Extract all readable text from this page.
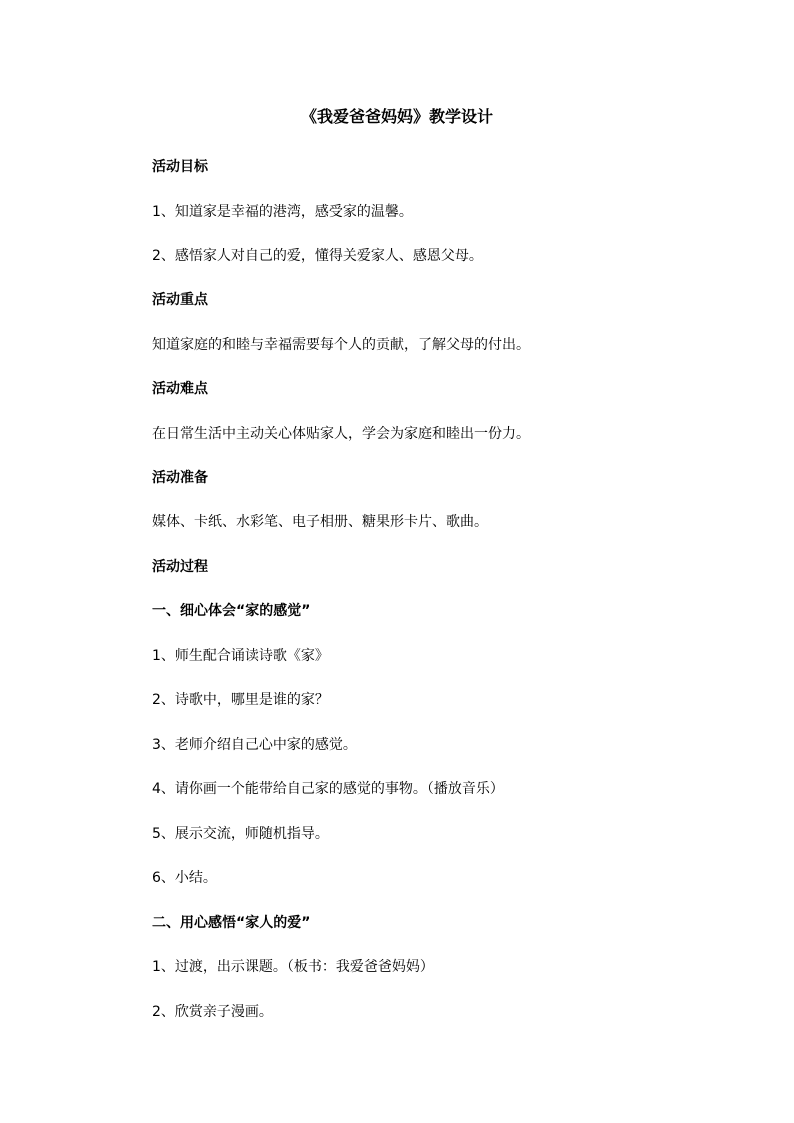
《我爱爸爸妈妈》教学设计
活动目标
1、知道家是幸福的港湾，感受家的温馨。
2、感悟家人对自己的爱，懂得关爱家人、感恩父母。
活动重点
知道家庭的和睦与幸福需要每个人的贡献，了解父母的付出。
活动难点
在日常生活中主动关心体贴家人，学会为家庭和睦出一份力。
活动准备
媒体、卡纸、水彩笔、电子相册、糖果形卡片、歌曲。
活动过程
一、细心体会“家的感觉”
1、师生配合诵读诗歌《家》
2、诗歌中，哪里是谁的家？
3、老师介绍自己心中家的感觉。
4、请你画一个能带给自己家的感觉的事物。（播放音乐）
5、展示交流，师随机指导。
6、小结。
二、用心感悟“家人的爱”
1、过渡，出示课题。（板书：我爱爸爸妈妈）
2、欣赏亲子漫画。
